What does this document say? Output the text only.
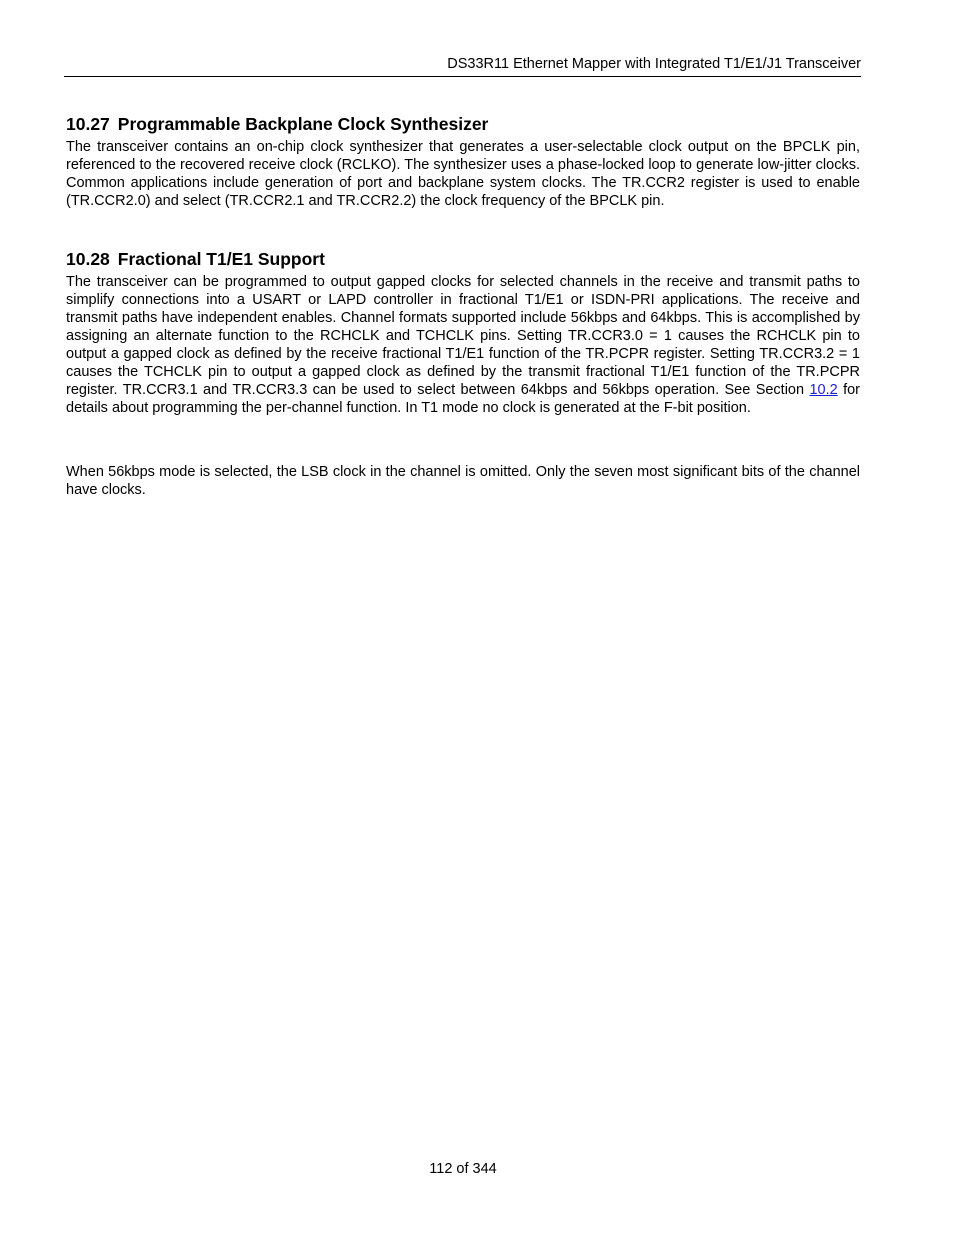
DS33R11 Ethernet Mapper with Integrated T1/E1/J1 Transceiver
10.27 Programmable Backplane Clock Synthesizer

The transceiver contains an on-chip clock synthesizer that generates a user-selectable clock output on the BPCLK pin, referenced to the recovered receive clock (RCLKO). The synthesizer uses a phase-locked loop to generate low-jitter clocks. Common applications include generation of port and backplane system clocks. The TR.CCR2 register is used to enable (TR.CCR2.0) and select (TR.CCR2.1 and TR.CCR2.2) the clock frequency of the BPCLK pin.

10.28 Fractional T1/E1 Support

The transceiver can be programmed to output gapped clocks for selected channels in the receive and transmit paths to simplify connections into a USART or LAPD controller in fractional T1/E1 or ISDN-PRI applications. The receive and transmit paths have independent enables. Channel formats supported include 56kbps and 64kbps. This is accomplished by assigning an alternate function to the RCHCLK and TCHCLK pins. Setting TR.CCR3.0 = 1 causes the RCHCLK pin to output a gapped clock as defined by the receive fractional T1/E1 function of the TR.PCPR register. Setting TR.CCR3.2 = 1 causes the TCHCLK pin to output a gapped clock as defined by the transmit fractional T1/E1 function of the TR.PCPR register. TR.CCR3.1 and TR.CCR3.3 can be used to select between 64kbps and 56kbps operation. See Section 10.2 for details about programming the per-channel function. In T1 mode no clock is generated at the F-bit position.

When 56kbps mode is selected, the LSB clock in the channel is omitted. Only the seven most significant bits of the channel have clocks.

112 of 344
